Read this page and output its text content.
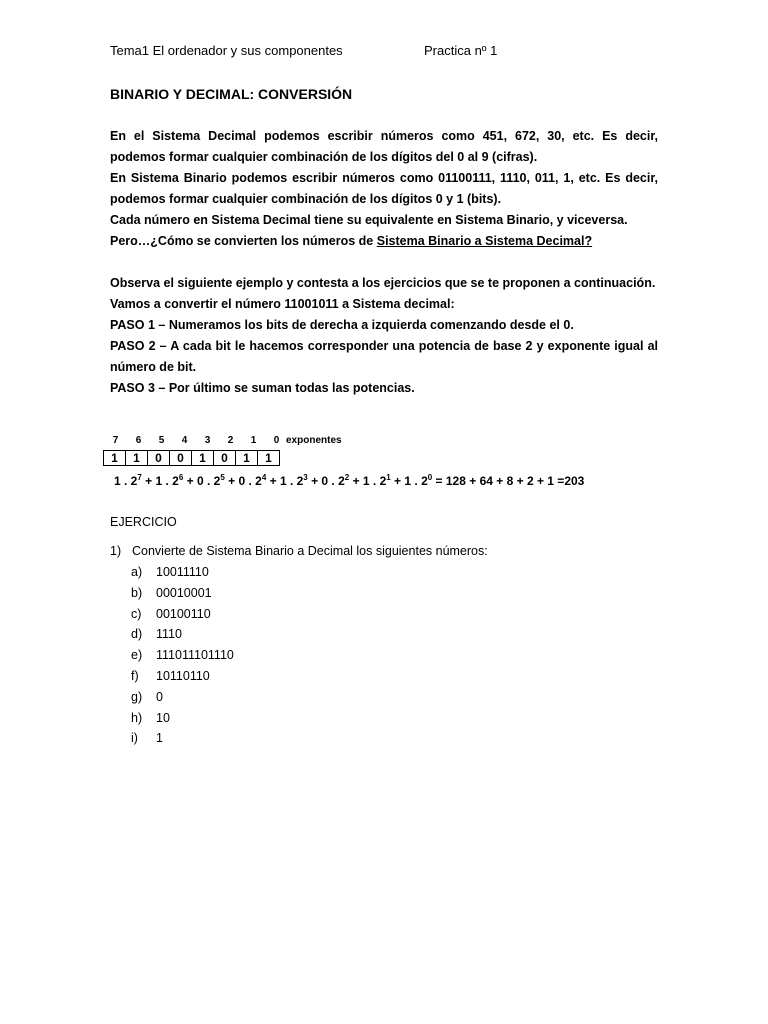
Tema1 El ordenador y sus componentes	Practica nº 1
BINARIO Y DECIMAL: CONVERSIÓN
En el Sistema Decimal podemos escribir números como 451, 672, 30, etc. Es decir, podemos formar cualquier combinación de los dígitos del 0 al 9 (cifras).
En Sistema Binario podemos escribir números como 01100111, 1110, 011, 1, etc. Es decir, podemos formar cualquier combinación de los dígitos 0 y 1 (bits).
Cada número en Sistema Decimal tiene su equivalente en Sistema Binario, y viceversa.
Pero…¿Cómo se convierten los números de Sistema Binario a Sistema Decimal?
Observa el siguiente ejemplo y contesta a los ejercicios que se te proponen a continuación.
Vamos a convertir el número 11001011 a Sistema decimal:
PASO 1 – Numeramos los bits de derecha a izquierda comenzando desde el 0.
PASO 2 – A cada bit le hacemos corresponder una potencia de base 2 y exponente igual al número de bit.
PASO 3 – Por último se suman todas las potencias.
7	6	5	4	3	2	1	0 exponentes
1	1	0	0	1	0	1	1
1 . $2^7 + 1$ . $2^6 + 0$ . $2^5 + 0$ . $2^4 + 1$ . $2^3 + 0$ . $2^2 + 1$ . $2^1 + 1$ . $2^0 = 128 + 64 + 8 + 2 + 1 =203$
EJERCICIO
1) Convierte de Sistema Binario a Decimal los siguientes números:
a) 10011110
b) 00010001
c) 00100110
d) 1110
e) 111011101110
f) 10110110
g) 0
h) 10
i) 1
